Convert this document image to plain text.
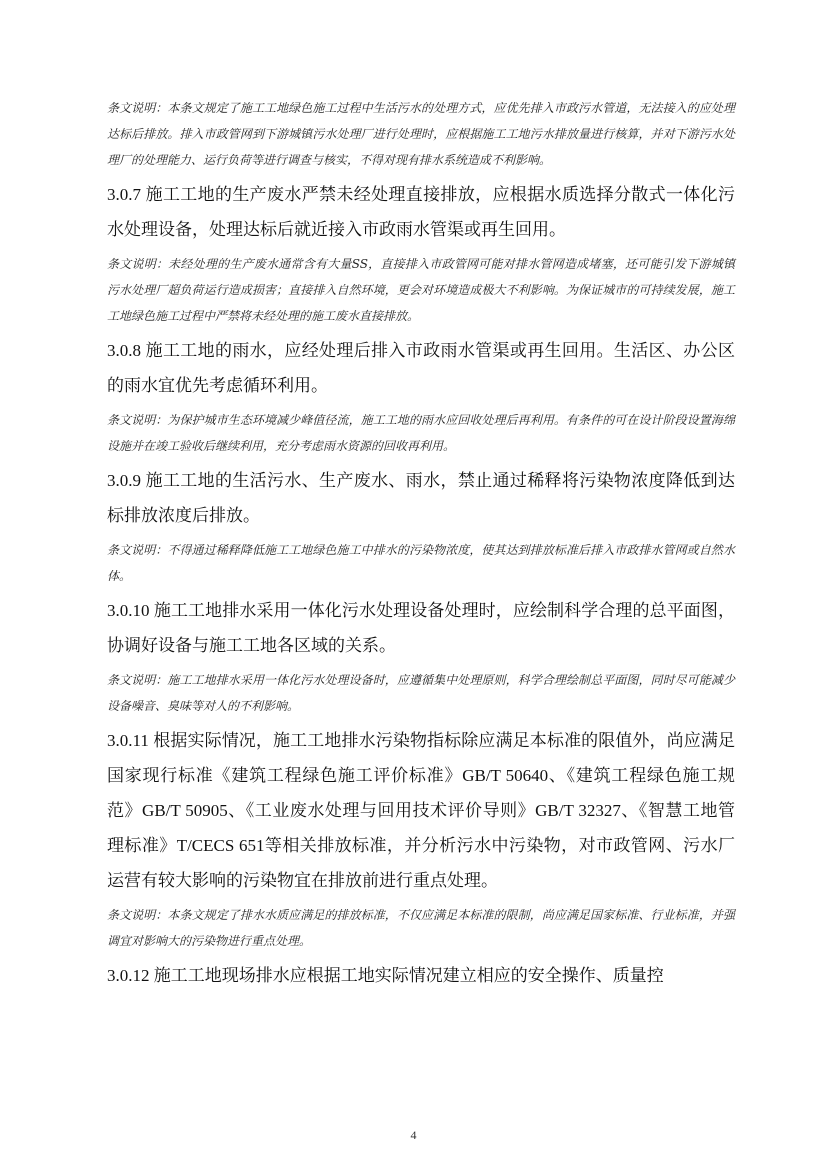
条文说明：本条文规定了施工工地绿色施工过程中生活污水的处理方式，应优先排入市政污水管道，无法接入的应处理达标后排放。排入市政管网到下游城镇污水处理厂进行处理时，应根据施工工地污水排放量进行核算，并对下游污水处理厂的处理能力、运行负荷等进行调查与核实，不得对现有排水系统造成不利影响。

3.0.7 施工工地的生产废水严禁未经处理直接排放，应根据水质选择分散式一体化污水处理设备，处理达标后就近接入市政雨水管渠或再生回用。

条文说明：未经处理的生产废水通常含有大量SS，直接排入市政管网可能对排水管网造成堵塞，还可能引发下游城镇污水处理厂超负荷运行造成损害；直接排入自然环境，更会对环境造成极大不利影响。为保证城市的可持续发展，施工工地绿色施工过程中严禁将未经处理的施工废水直接排放。

3.0.8 施工工地的雨水，应经处理后排入市政雨水管渠或再生回用。生活区、办公区的雨水宜优先考虑循环利用。

条文说明：为保护城市生态环境减少峰值径流，施工工地的雨水应回收处理后再利用。有条件的可在设计阶段设置海绵设施并在竣工验收后继续利用，充分考虑雨水资源的回收再利用。

3.0.9 施工工地的生活污水、生产废水、雨水，禁止通过稀释将污染物浓度降低到达标排放浓度后排放。

条文说明：不得通过稀释降低施工工地绿色施工中排水的污染物浓度，使其达到排放标准后排入市政排水管网或自然水体。

3.0.10 施工工地排水采用一体化污水处理设备处理时，应绘制科学合理的总平面图，协调好设备与施工工地各区域的关系。

条文说明：施工工地排水采用一体化污水处理设备时，应遵循集中处理原则，科学合理绘制总平面图，同时尽可能减少设备噪音、臭味等对人的不利影响。

3.0.11 根据实际情况，施工工地排水污染物指标除应满足本标准的限值外，尚应满足国家现行标准《建筑工程绿色施工评价标准》GB/T 50640、《建筑工程绿色施工规范》GB/T 50905、《工业废水处理与回用技术评价导则》GB/T 32327、《智慧工地管理标准》T/CECS 651等相关排放标准，并分析污水中污染物，对市政管网、污水厂运营有较大影响的污染物宜在排放前进行重点处理。

条文说明：本条文规定了排水水质应满足的排放标准，不仅应满足本标准的限制，尚应满足国家标准、行业标准，并强调宜对影响大的污染物进行重点处理。

3.0.12 施工工地现场排水应根据工地实际情况建立相应的安全操作、质量控

4
